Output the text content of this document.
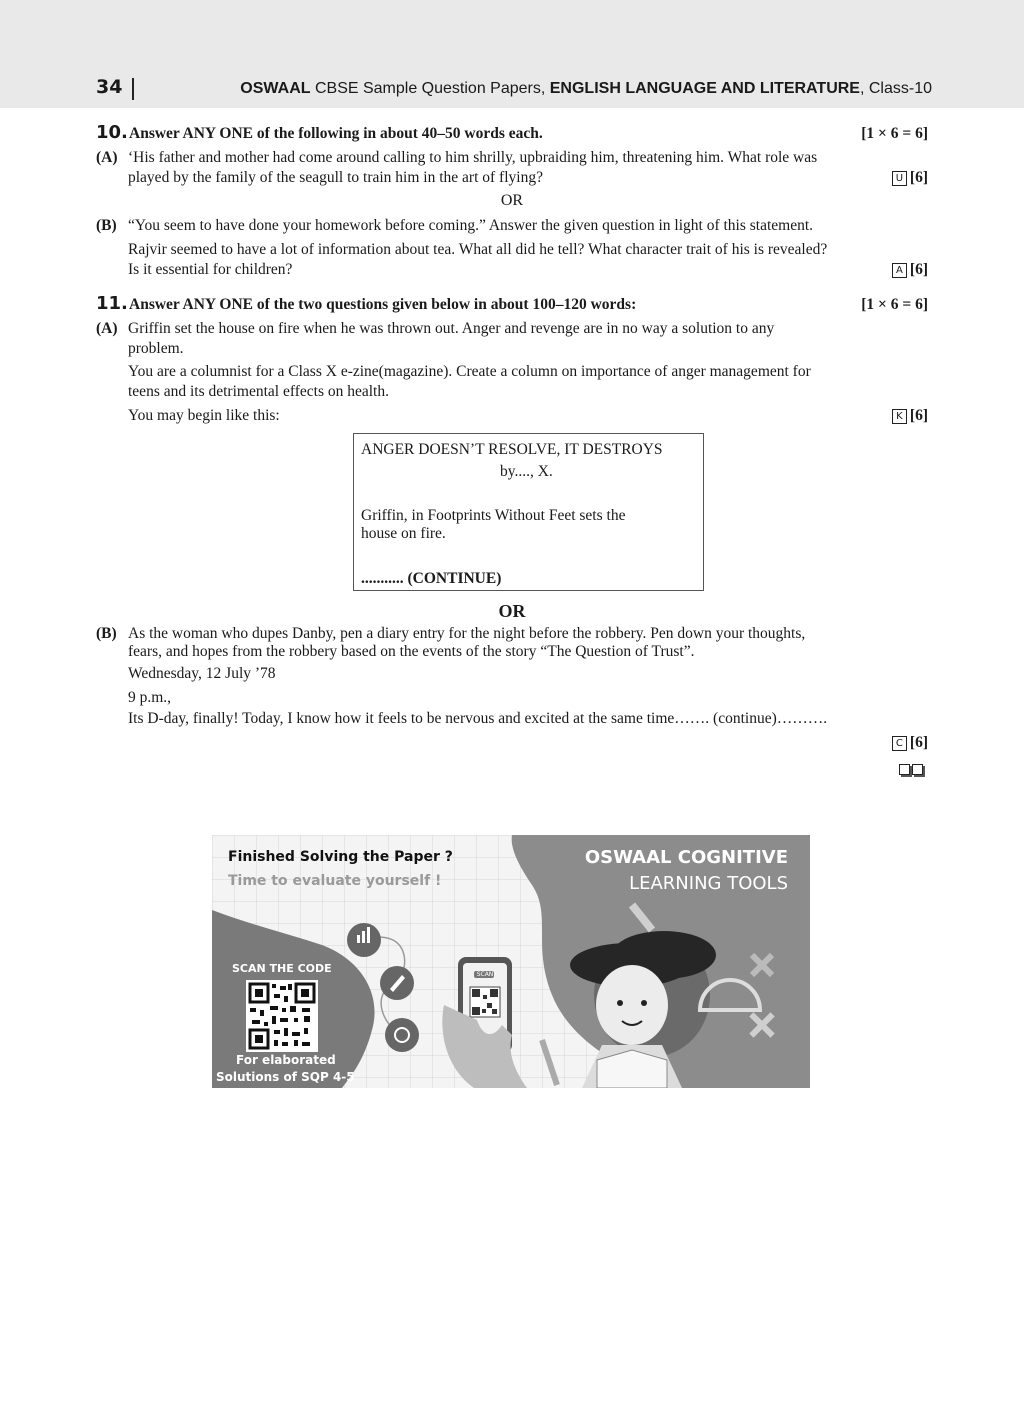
34	OSWAAL CBSE Sample Question Papers, ENGLISH LANGUAGE AND LITERATURE, Class-10
10. Answer ANY ONE of the following in about 40–50 words each.	[1 × 6 = 6]
(A) ‘His father and mother had come around calling to him shrilly, upbraiding him, threatening him. What role was
played by the family of the seagull to train him in the art of flying?	U [6]
OR
(B) “You seem to have done your homework before coming.” Answer the given question in light of this statement.
Rajvir seemed to have a lot of information about tea. What all did he tell? What character trait of his is revealed?
Is it essential for children?	A [6]
11. Answer ANY ONE of the two questions given below in about 100–120 words:	[1 × 6 = 6]
(A) Griffin set the house on fire when he was thrown out. Anger and revenge are in no way a solution to any
problem.
You are a columnist for a Class X e-zine(magazine). Create a column on importance of anger management for
teens and its detrimental effects on health.
You may begin like this:	K [6]
ANGER DOESN’T RESOLVE, IT DESTROYS
by...., X.
Griffin, in Footprints Without Feet sets the
house on fire.
........... (CONTINUE)
OR
(B) As the woman who dupes Danby, pen a diary entry for the night before the robbery. Pen down your thoughts,
fears, and hopes from the robbery based on the events of the story “The Question of Trust”.
Wednesday, 12 July ’78
9 p.m.,
Its D-day, finally! Today, I know how it feels to be nervous and excited at the same time……. (continue)……….
C [6]
Finished Solving the Paper ?
Time to evaluate yourself !
OSWAAL COGNITIVE
LEARNING TOOLS
SCAN THE CODE
For elaborated
Solutions of SQP 4-5
SCAN
